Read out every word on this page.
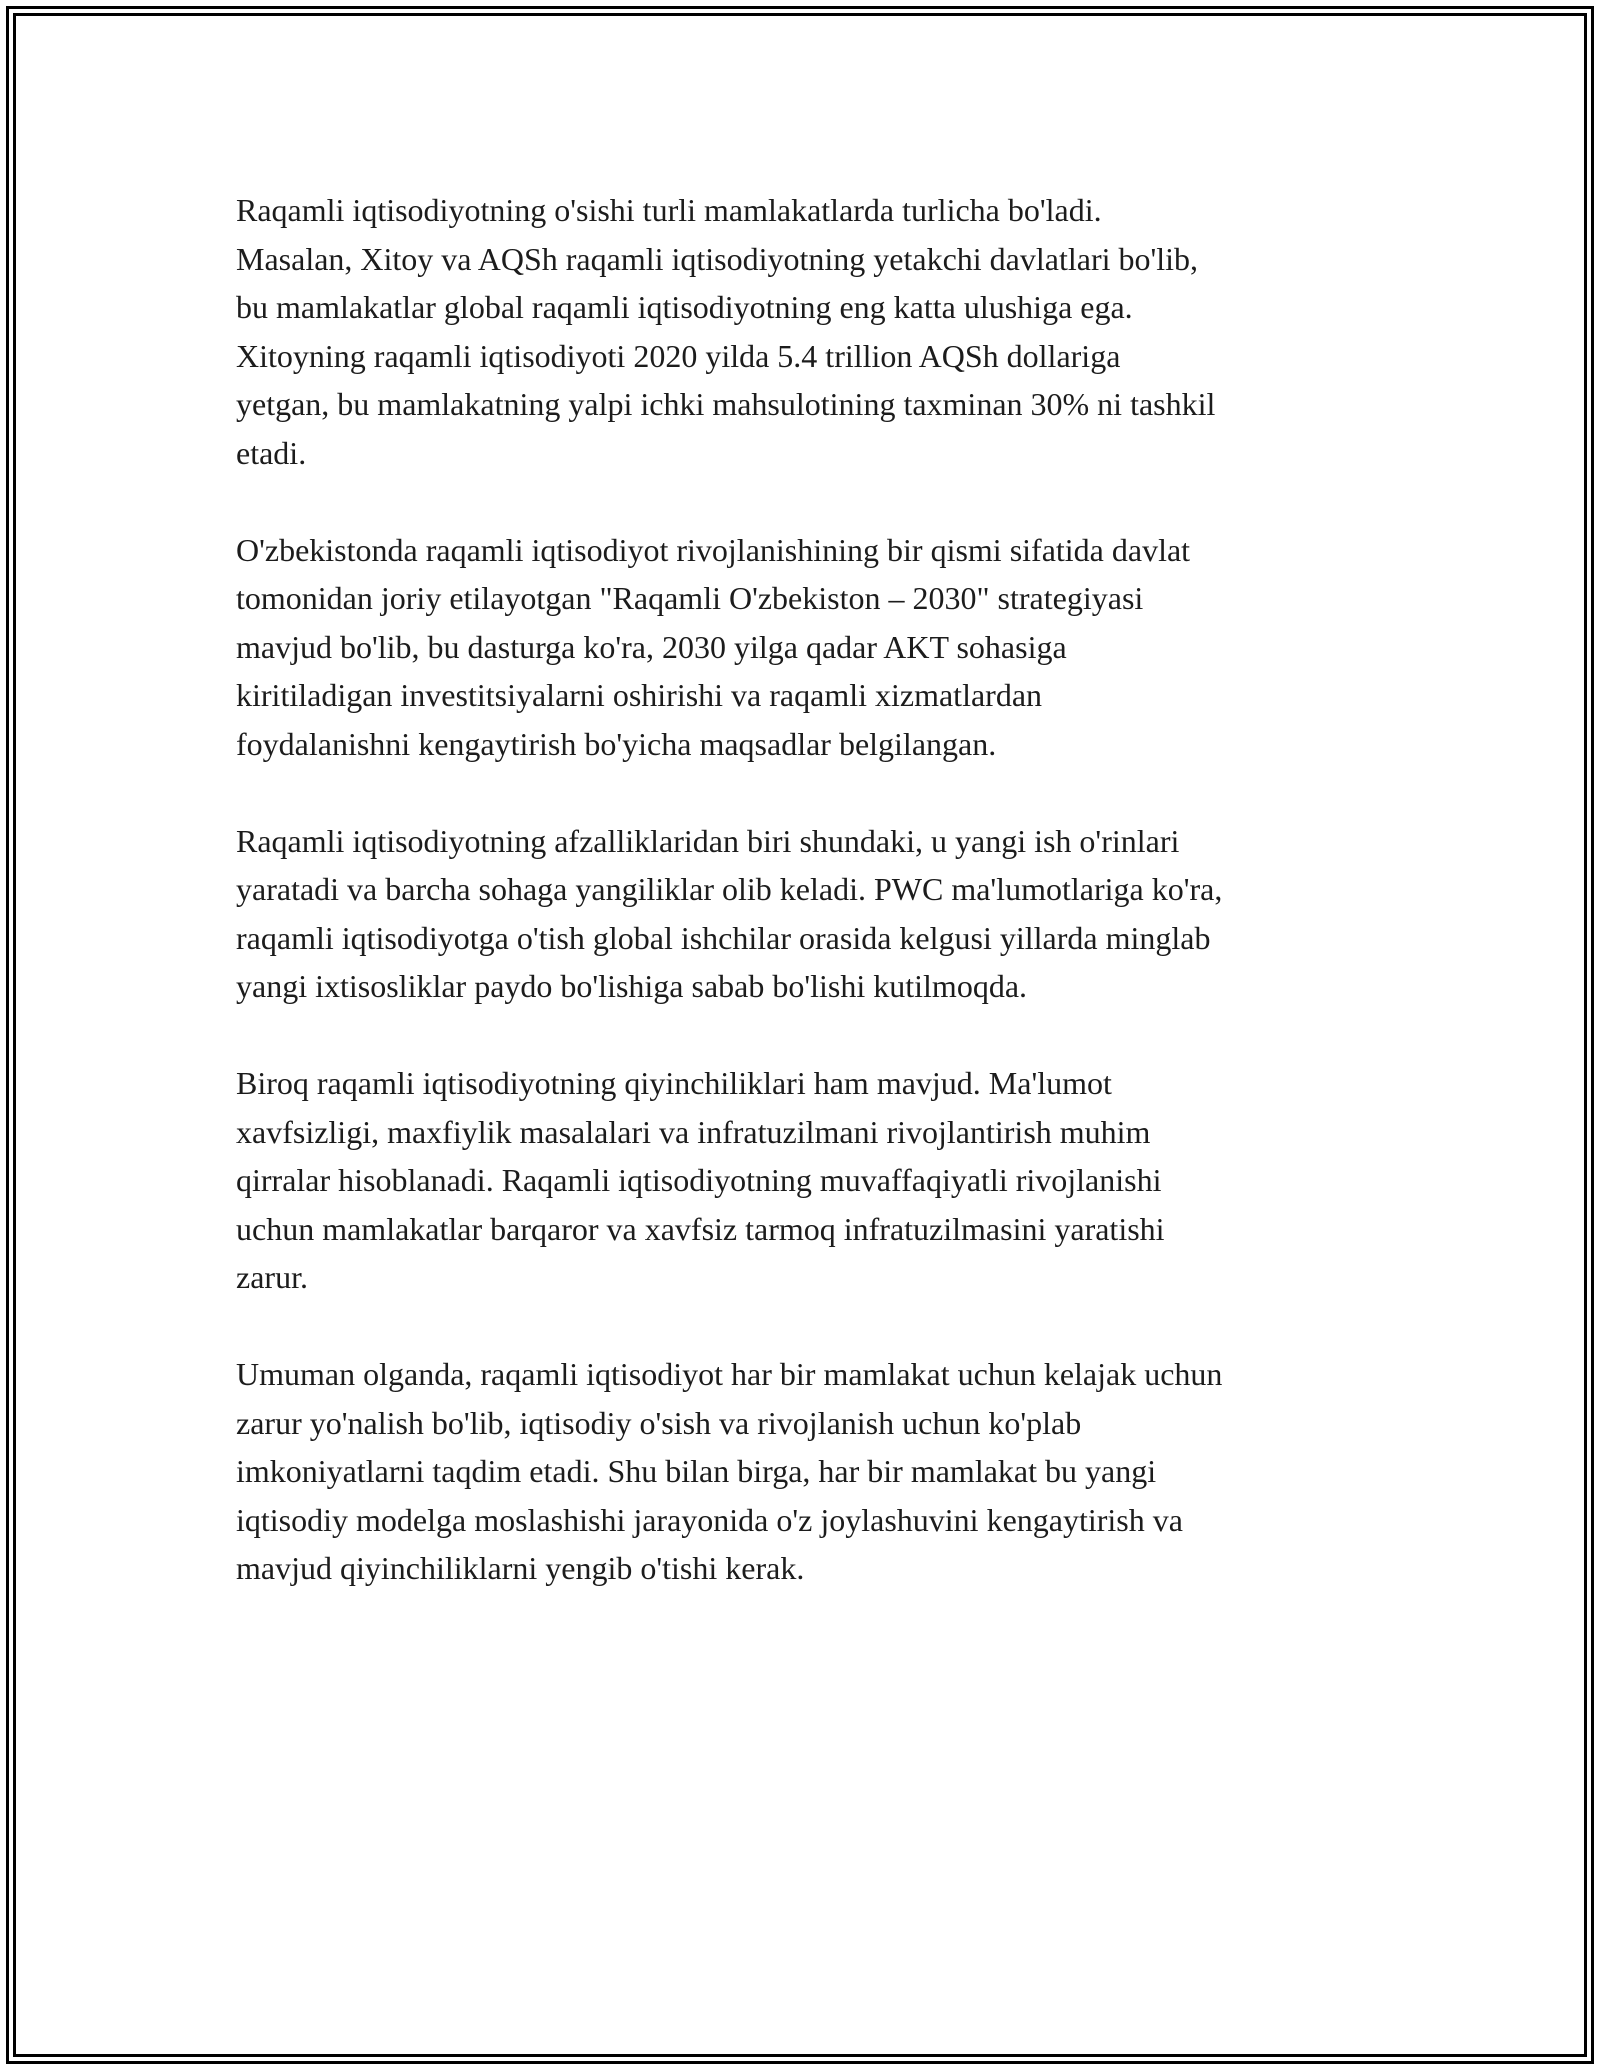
Raqamli iqtisodiyotning o'sishi turli mamlakatlarda turlicha bo'ladi.
Masalan, Xitoy va AQSh raqamli iqtisodiyotning yetakchi davlatlari bo'lib,
bu mamlakatlar global raqamli iqtisodiyotning eng katta ulushiga ega.
Xitoyning raqamli iqtisodiyoti 2020 yilda 5.4 trillion AQSh dollariga
yetgan, bu mamlakatning yalpi ichki mahsulotining taxminan 30% ni tashkil
etadi.

O'zbekistonda raqamli iqtisodiyot rivojlanishining bir qismi sifatida davlat
tomonidan joriy etilayotgan "Raqamli O'zbekiston – 2030" strategiyasi
mavjud bo'lib, bu dasturga ko'ra, 2030 yilga qadar AKT sohasiga
kiritiladigan investitsiyalarni oshirishi va raqamli xizmatlardan
foydalanishni kengaytirish bo'yicha maqsadlar belgilangan.

Raqamli iqtisodiyotning afzalliklaridan biri shundaki, u yangi ish o'rinlari
yaratadi va barcha sohaga yangiliklar olib keladi. PWC ma'lumotlariga ko'ra,
raqamli iqtisodiyotga o'tish global ishchilar orasida kelgusi yillarda minglab
yangi ixtisosliklar paydo bo'lishiga sabab bo'lishi kutilmoqda.

Biroq raqamli iqtisodiyotning qiyinchiliklari ham mavjud. Ma'lumot
xavfsizligi, maxfiylik masalalari va infratuzilmani rivojlantirish muhim
qirralar hisoblanadi. Raqamli iqtisodiyotning muvaffaqiyatli rivojlanishi
uchun mamlakatlar barqaror va xavfsiz tarmoq infratuzilmasini yaratishi
zarur.

Umuman olganda, raqamli iqtisodiyot har bir mamlakat uchun kelajak uchun
zarur yo'nalish bo'lib, iqtisodiy o'sish va rivojlanish uchun ko'plab
imkoniyatlarni taqdim etadi. Shu bilan birga, har bir mamlakat bu yangi
iqtisodiy modelga moslashishi jarayonida o'z joylashuvini kengaytirish va
mavjud qiyinchiliklarni yengib o'tishi kerak.
